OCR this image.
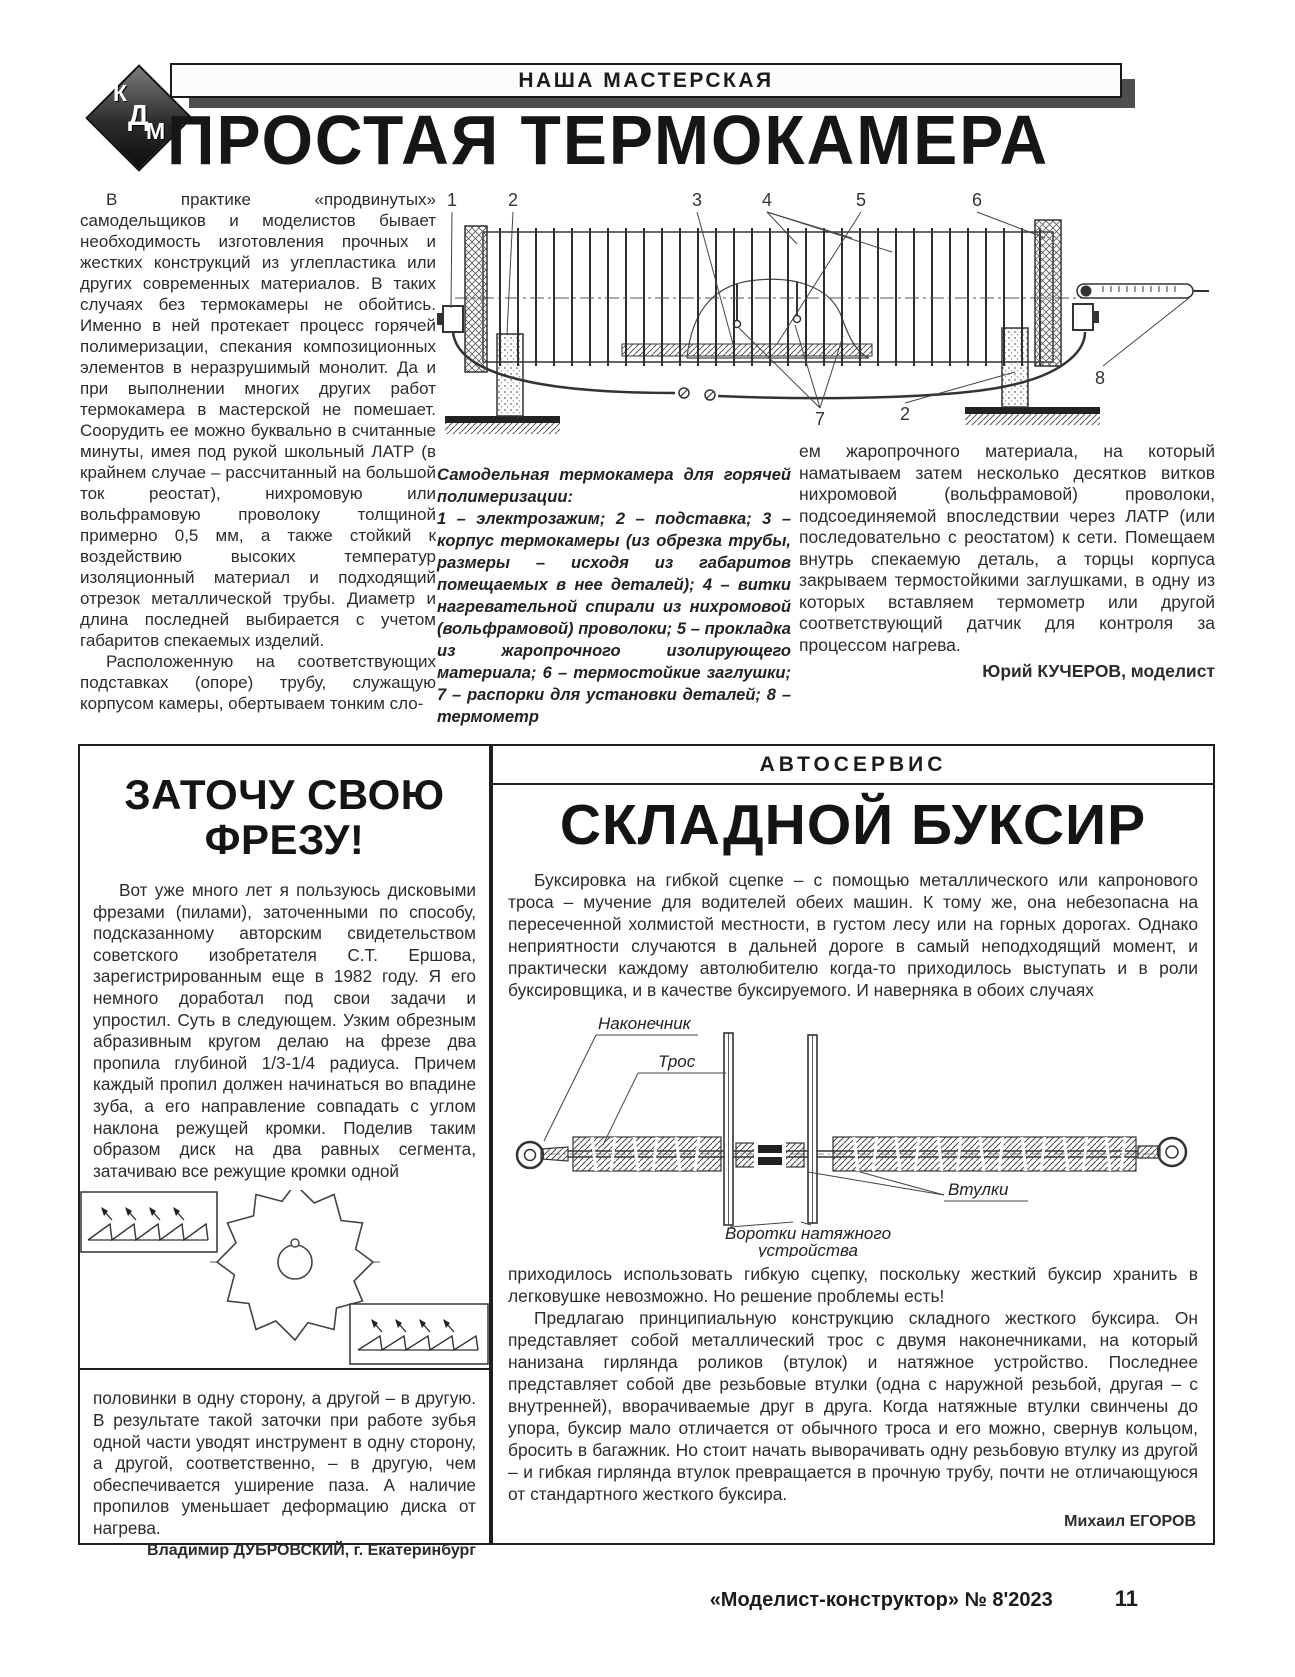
К
Д
М
НАША МАСТЕРСКАЯ
ПРОСТАЯ ТЕРМОКАМЕРА

В практике «продвинутых» самодельщиков и моделистов бывает необходимость изготовления прочных и жестких конструкций из углепластика или других современных материалов. В таких случаях без термокамеры не обойтись. Именно в ней протекает процесс горячей полимеризации, спекания композиционных элементов в неразрушимый монолит. Да и при выполнении многих других работ термокамера в мастерской не помешает. Соорудить ее можно буквально в считанные минуты, имея под рукой школьный ЛАТР (в крайнем случае – рассчитанный на большой ток реостат), нихромовую или вольфрамовую проволоку толщиной примерно 0,5 мм, а также стойкий к воздействию высоких температур изоляционный материал и подходящий отрезок металлической трубы. Диаметр и длина последней выбирается с учетом габаритов спекаемых изделий.

Расположенную на соответствующих подставках (опоре) трубу, служащую корпусом камеры, обертываем тонким сло-

1	2	3	4	5	6
7	2
8
Самодельная термокамера для горячей полимеризации:
1 – электрозажим; 2 – подставка; 3 – корпус термокамеры (из обрезка трубы, размеры – исходя из габаритов помещаемых в нее деталей); 4 – витки нагревательной спирали из нихромовой (вольфрамовой) проволоки; 5 – прокладка из жаропрочного изолирующего материала; 6 – термостойкие заглушки; 7 – распорки для установки деталей; 8 – термометр

ем жаропрочного материала, на который наматываем затем несколько десятков витков нихромовой (вольфрамовой) проволоки, подсоединяемой впоследствии через ЛАТР (или последовательно с реостатом) к сети. Помещаем внутрь спекаемую деталь, а торцы корпуса закрываем термостойкими заглушками, в одну из которых вставляем термометр или другой соответствующий датчик для контроля за процессом нагрева.

Юрий КУЧЕРОВ, моделист
ЗАТОЧУ СВОЮ ФРЕЗУ!

Вот уже много лет я пользуюсь дисковыми фрезами (пилами), заточенными по способу, подсказанному авторским свидетельством советского изобретателя С.Т. Ершова, зарегистрированным еще в 1982 году. Я его немного доработал под свои задачи и упростил. Суть в следующем. Узким обрезным абразивным кругом делаю на фрезе два пропила глубиной 1/3-1/4 радиуса. Причем каждый пропил должен начинаться во впадине зуба, а его направление совпадать с углом наклона режущей кромки. Поделив таким образом диск на два равных сегмента, затачиваю все режущие кромки одной

половинки в одну сторону, а другой – в другую. В результате такой заточки при работе зубья одной части уводят инструмент в одну сторону, а другой, соответственно, – в другую, чем обеспечивается уширение паза. А наличие пропилов уменьшает деформацию диска от нагрева.

Владимир ДУБРОВСКИЙ, г. Екатеринбург
АВТОСЕРВИС
СКЛАДНОЙ БУКСИР

Буксировка на гибкой сцепке – с помощью металлического или капронового троса – мучение для водителей обеих машин. К тому же, она небезопасна на пересеченной холмистой местности, в густом лесу или на горных дорогах. Однако неприятности случаются в дальней дороге в самый неподходящий момент, и практически каждому автолюбителю когда-то приходилось выступать и в роли буксировщика, и в качестве буксируемого. И наверняка в обоих случаях

Наконечник
Трос
Втулки
Воротки натяжного
устройства

приходилось использовать гибкую сцепку, поскольку жесткий буксир хранить в легковушке невозможно. Но решение проблемы есть!

Предлагаю принципиальную конструкцию складного жесткого буксира. Он представляет собой металлический трос с двумя наконечниками, на который нанизана гирлянда роликов (втулок) и натяжное устройство. Последнее представляет собой две резьбовые втулки (одна с наружной резьбой, другая – с внутренней), вворачиваемые друг в друга. Когда натяжные втулки свинчены до упора, буксир мало отличается от обычного троса и его можно, свернув кольцом, бросить в багажник. Но стоит начать выворачивать одну резьбовую втулку из другой – и гибкая гирлянда втулок превращается в прочную трубу, почти не отличающуюся от стандартного жесткого буксира.

Михаил ЕГОРОВ
«Моделист-конструктор» № 8'2023	11
